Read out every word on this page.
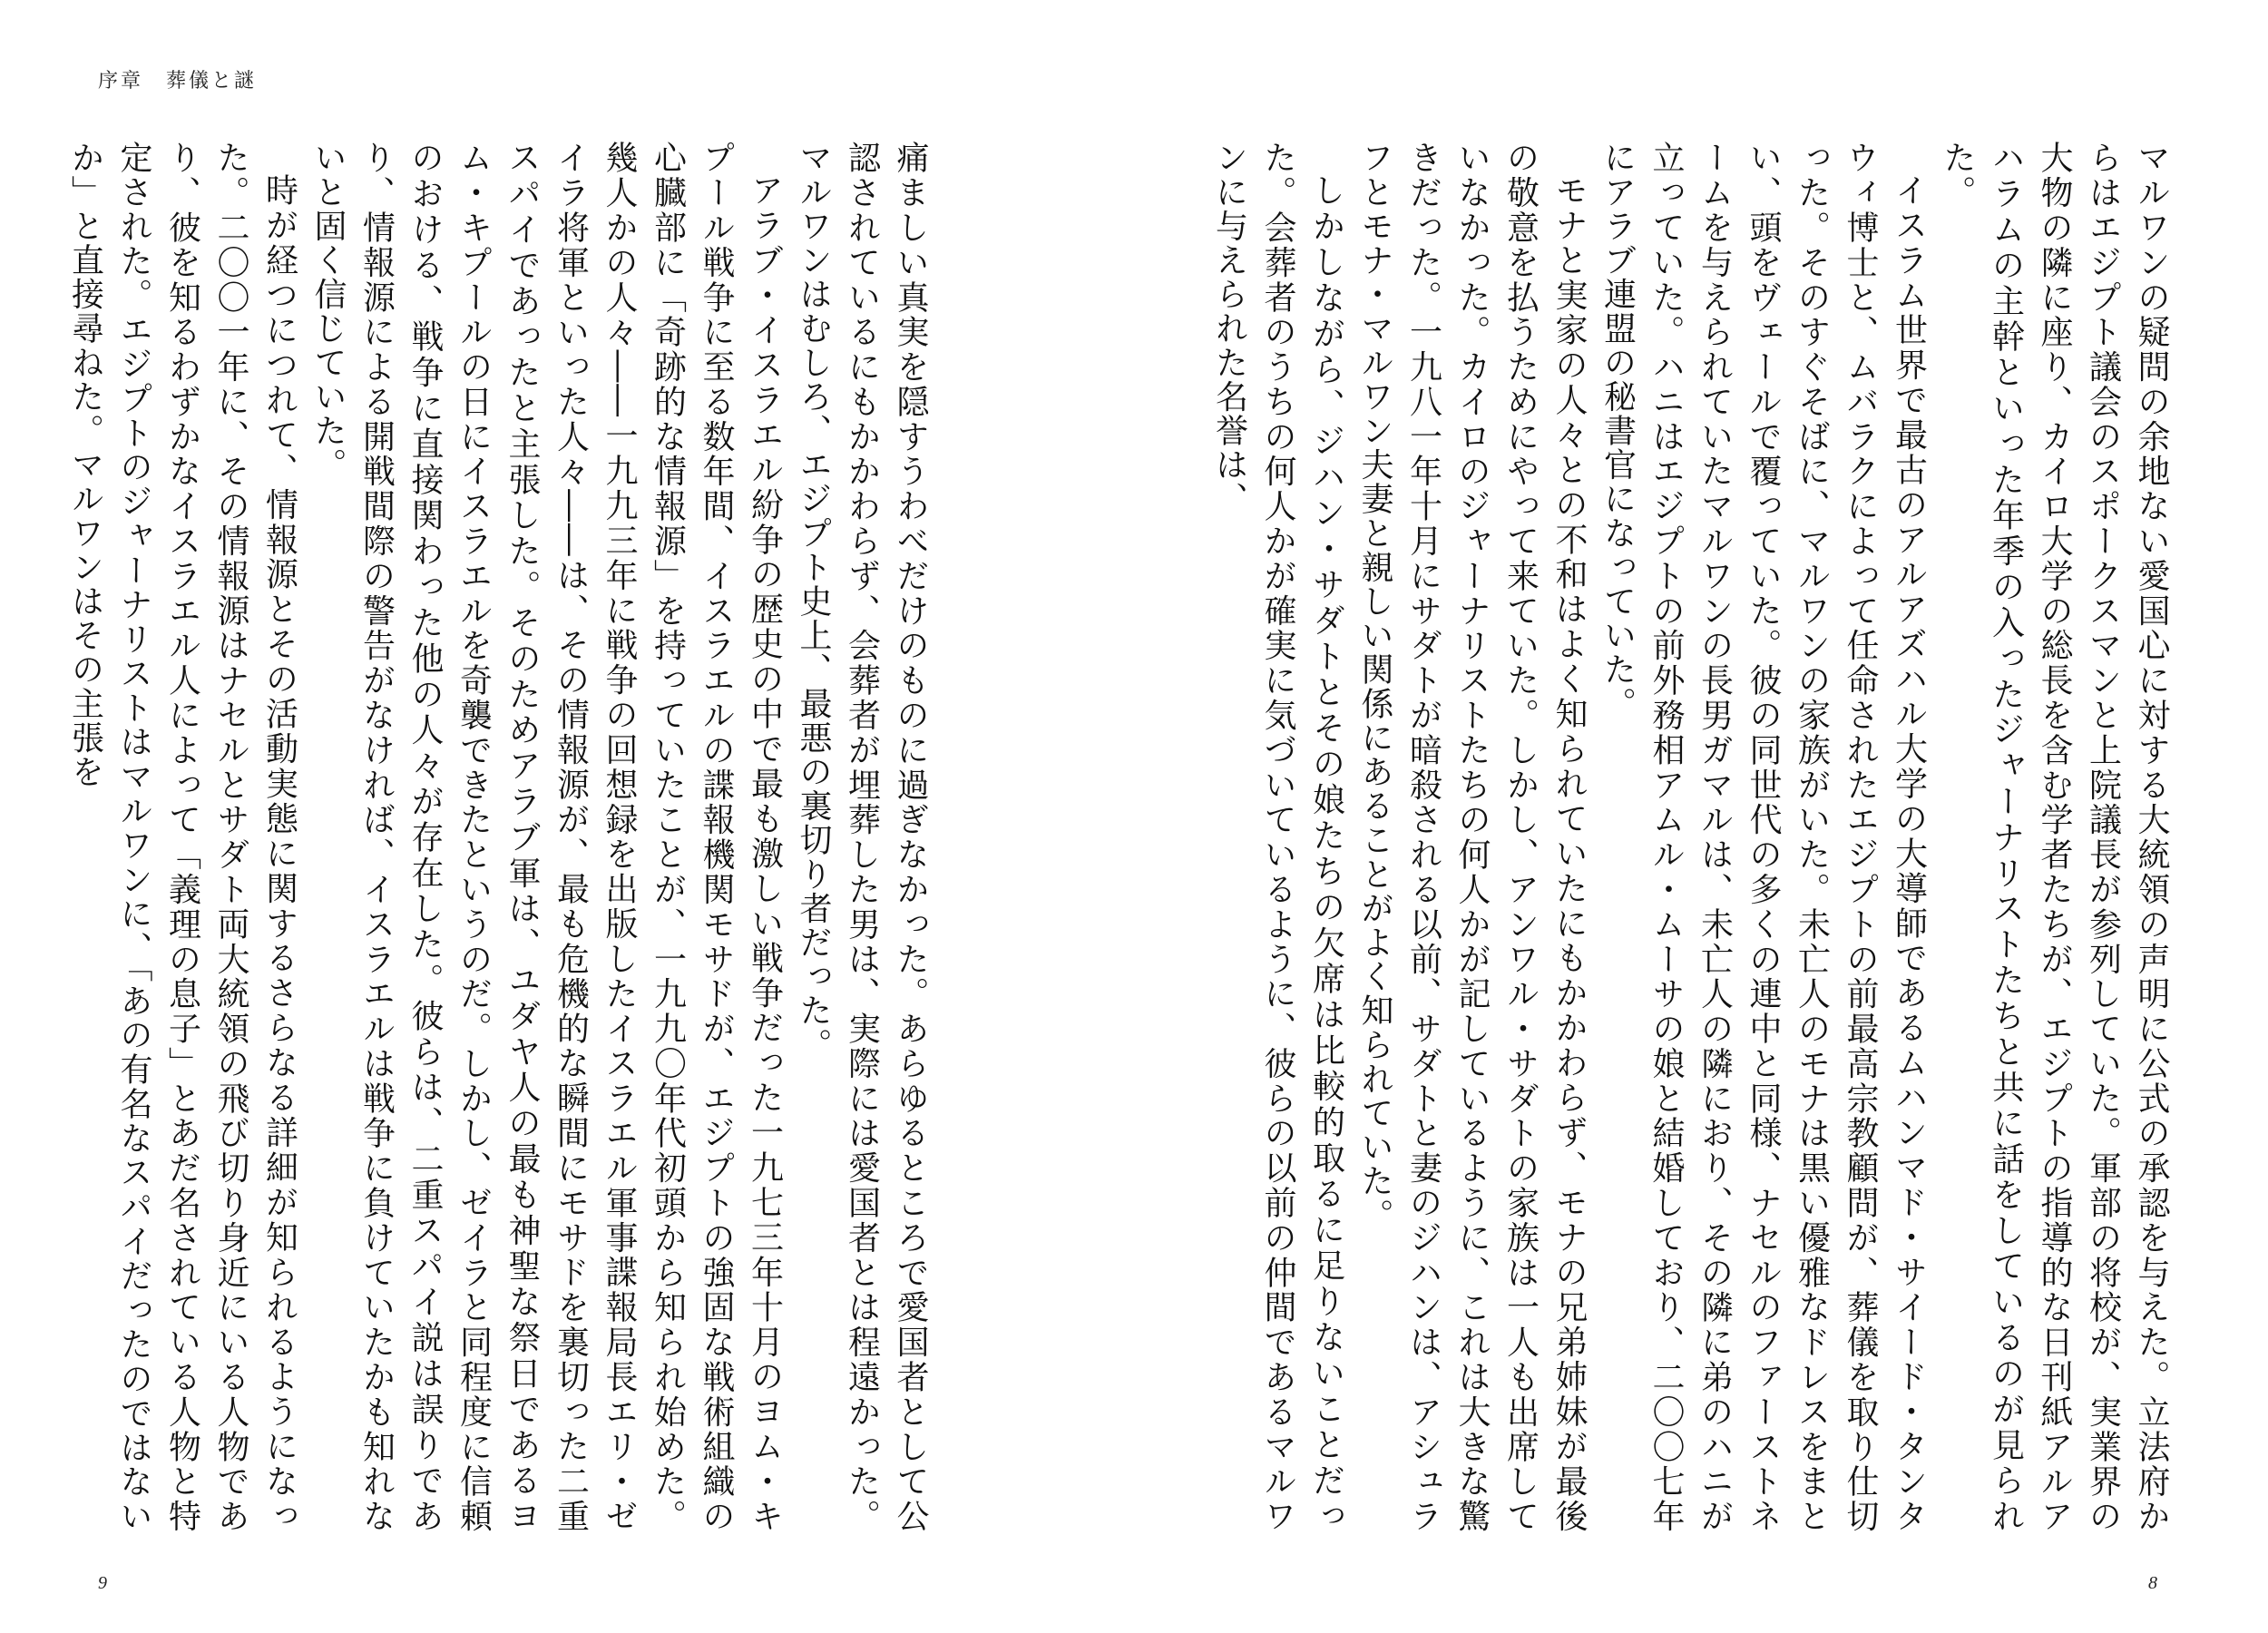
序章　葬儀と謎

マルワンの疑問の余地ない愛国心に対する大統領の声明に公式の承認を与えた。立法府からはエジプト議会のスポークスマンと上院議長が参列していた。軍部の将校が、実業界の大物の隣に座り、カイロ大学の総長を含む学者たちが、エジプトの指導的な日刊紙アルアハラムの主幹といった年季の入ったジャーナリストたちと共に話をしているのが見られた。

イスラム世界で最古のアルアズハル大学の大導師であるムハンマド・サイード・タンタウィ博士と、ムバラクによって任命されたエジプトの前最高宗教顧問が、葬儀を取り仕切った。そのすぐそばに、マルワンの家族がいた。未亡人のモナは黒い優雅なドレスをまとい、頭をヴェールで覆っていた。彼の同世代の多くの連中と同様、ナセルのファーストネームを与えられていたマルワンの長男ガマルは、未亡人の隣におり、その隣に弟のハニが立っていた。ハニはエジプトの前外務相アムル・ムーサの娘と結婚しており、二〇〇七年にアラブ連盟の秘書官になっていた。

モナと実家の人々との不和はよく知られていたにもかかわらず、モナの兄弟姉妹が最後の敬意を払うためにやって来ていた。しかし、アンワル・サダトの家族は一人も出席していなかった。カイロのジャーナリストたちの何人かが記しているように、これは大きな驚きだった。一九八一年十月にサダトが暗殺される以前、サダトと妻のジハンは、アシュラフとモナ・マルワン夫妻と親しい関係にあることがよく知られていた。

しかしながら、ジハン・サダトとその娘たちの欠席は比較的取るに足りないことだった。会葬者のうちの何人かが確実に気づいているように、彼らの以前の仲間であるマルワンに与えられた名誉は、

痛ましい真実を隠すうわべだけのものに過ぎなかった。あらゆるところで愛国者として公認されているにもかかわらず、会葬者が埋葬した男は、実際には愛国者とは程遠かった。マルワンはむしろ、エジプト史上、最悪の裏切り者だった。

アラブ・イスラエル紛争の歴史の中で最も激しい戦争だった一九七三年十月のヨム・キプール戦争に至る数年間、イスラエルの諜報機関モサドが、エジプトの強固な戦術組織の心臓部に「奇跡的な情報源」を持っていたことが、一九九〇年代初頭から知られ始めた。幾人かの人々――一九九三年に戦争の回想録を出版したイスラエル軍事諜報局長エリ・ゼイラ将軍といった人々――は、その情報源が、最も危機的な瞬間にモサドを裏切った二重スパイであったと主張した。そのためアラブ軍は、ユダヤ人の最も神聖な祭日であるヨム・キプールの日にイスラエルを奇襲できたというのだ。しかし、ゼイラと同程度に信頼のおける、戦争に直接関わった他の人々が存在した。彼らは、二重スパイ説は誤りであり、情報源による開戦間際の警告がなければ、イスラエルは戦争に負けていたかも知れないと固く信じていた。

時が経つにつれて、情報源とその活動実態に関するさらなる詳細が知られるようになった。二〇〇一年に、その情報源はナセルとサダト両大統領の飛び切り身近にいる人物であり、彼を知るわずかなイスラエル人によって「義理の息子」とあだ名されている人物と特定された。エジプトのジャーナリストはマルワンに、「あの有名なスパイだったのではないか」と直接尋ねた。マルワンはその主張を

9	8
